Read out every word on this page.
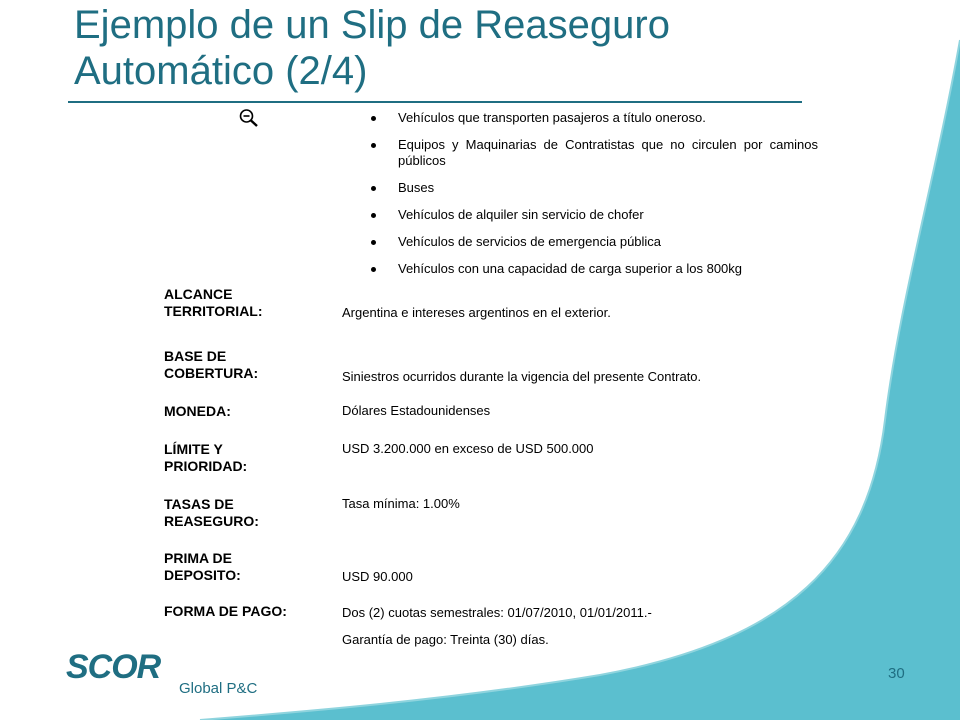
Ejemplo de un Slip de Reaseguro Automático (2/4)
Vehículos que transporten pasajeros a título oneroso.
Equipos y Maquinarias de Contratistas que no circulen por caminos públicos
Buses
Vehículos de alquiler sin servicio de chofer
Vehículos de servicios de emergencia pública
Vehículos con una capacidad de carga superior a los 800kg
ALCANCE
TERRITORIAL:	Argentina e intereses argentinos en el exterior.
BASE DE
COBERTURA:	Siniestros ocurridos durante la vigencia del presente Contrato.
MONEDA:	Dólares Estadounidenses
LÍMITE Y
PRIORIDAD:
USD 3.200.000 en exceso de USD 500.000
TASAS DE
REASEGURO:
Tasa mínima: 1.00%
PRIMA DE
DEPOSITO:	USD 90.000
FORMA DE PAGO:	Dos (2) cuotas semestrales: 01/07/2010, 01/01/2011.-
Garantía de pago: Treinta (30) días.
SCOR
Global P&C
30
